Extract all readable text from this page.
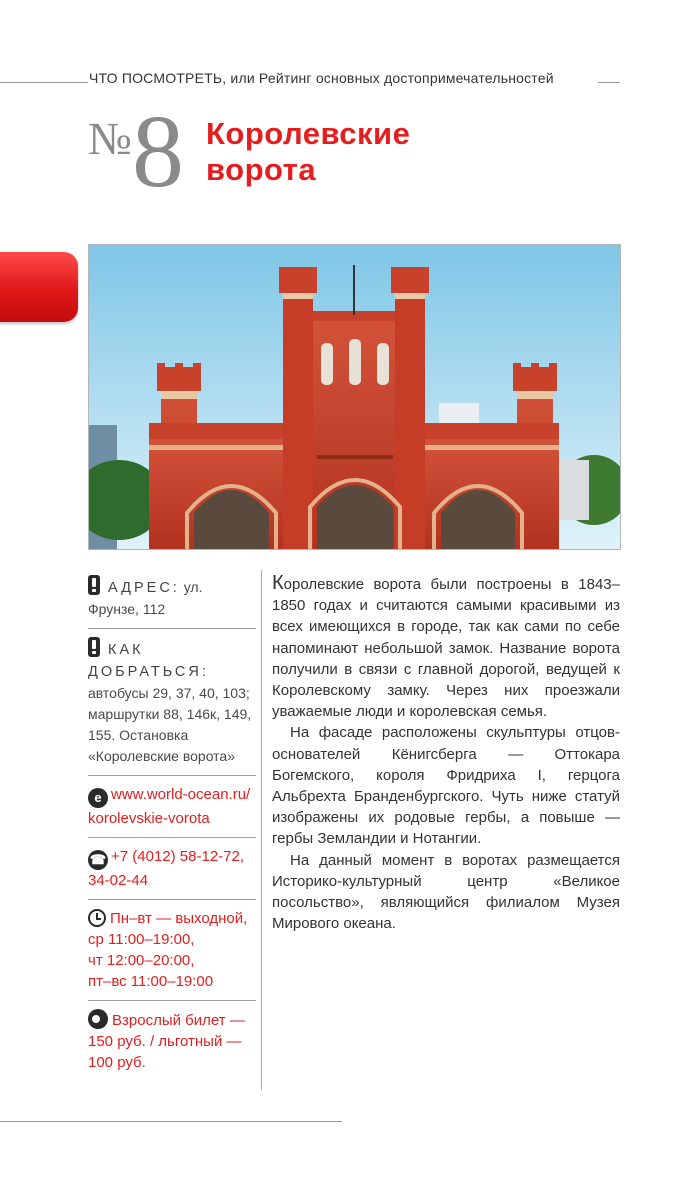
ЧТО ПОСМОТРЕТЬ, или Рейтинг основных достопримечательностей
№ 8 Королевские
ворота
АДРЕС: ул. Фрунзе, 112
КАК ДОБРАТЬСЯ:
автобусы 29, 37, 40, 103; маршрутки 88, 146к, 149, 155. Остановка «Королевские ворота»
e www.world-ocean.ru/korolevskie-vorota
☎ +7 (4012) 58-12-72, 34-02-44
Пн–вт — выходной,
ср 11:00–19:00,
чт 12:00–20:00,
пт–вс 11:00–19:00
Взрослый билет — 150 руб. / льготный — 100 руб.

Королевские ворота были построены в 1843–1850 годах и считаются самыми красивыми из всех имеющихся в городе, так как сами по себе напоминают небольшой замок. Название ворота получили в связи с главной дорогой, ведущей к Королевскому замку. Через них проезжали уважаемые люди и королевская семья.

На фасаде расположены скульптуры отцов-основателей Кёнигсберга — Оттокара Богемского, короля Фридриха I, герцога Альбрехта Бранденбургского. Чуть ниже статуй изображены их родовые гербы, а повыше — гербы Земландии и Нотангии.

На данный момент в воротах размещается Историко-культурный центр «Великое посольство», являющийся филиалом Музея Мирового океана.
